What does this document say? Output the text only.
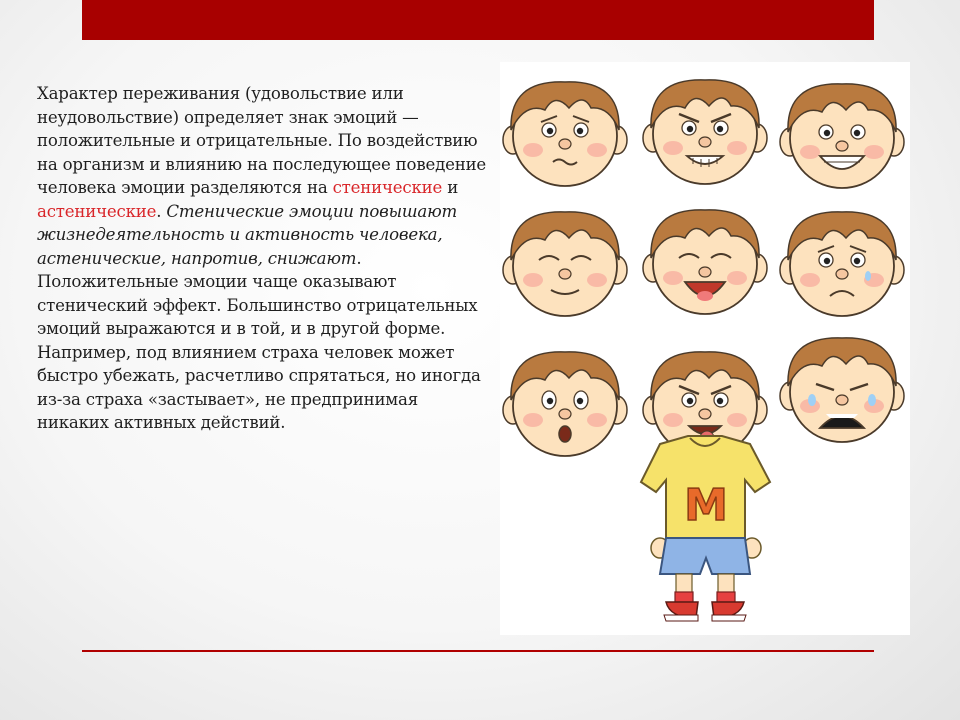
Характер переживания (удовольствие или неудовольствие) определяет знак эмоций — положительные и отрицательные. По воздействию на организм и влиянию на последующее поведение человека эмоции разделяются на стенические и астенические. Стенические эмоции повышают жизнедеятельность и активность человека, астенические, напротив, снижают. Положительные эмоции чаще оказывают стенический эффект. Большинство отрицательных эмоций выражаются и в той, и в другой форме. Например, под влиянием страха человек может быстро убежать, расчетливо спрятаться, но иногда из-за страха «застывает», не предпринимая никаких активных действий.
M
